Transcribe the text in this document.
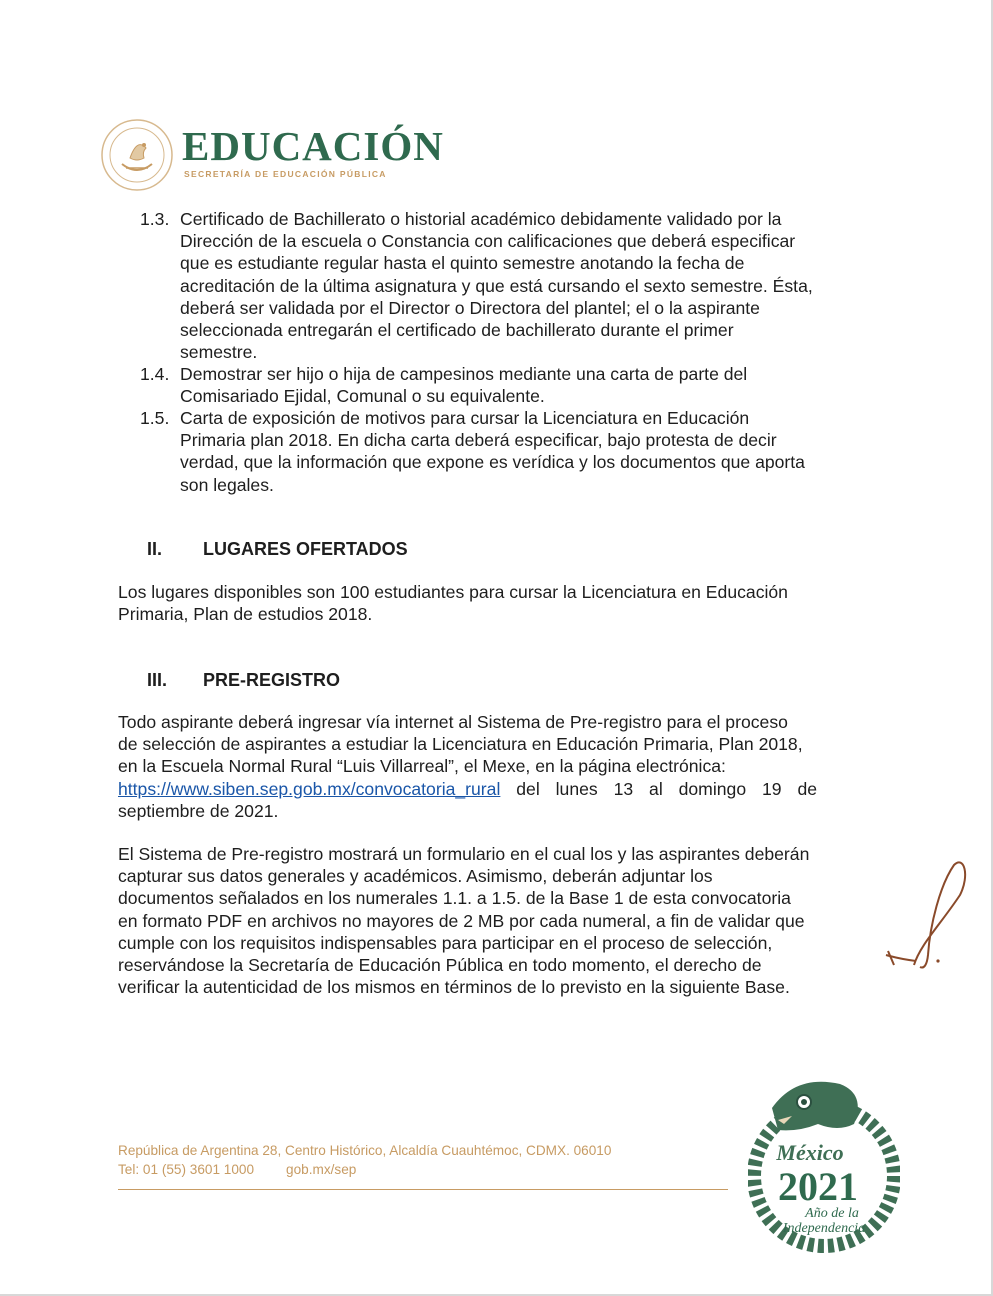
EDUCACIÓN
SECRETARÍA DE EDUCACIÓN PÚBLICA
1.3. Certificado de Bachillerato o historial académico debidamente validado por la
Dirección de la escuela o Constancia con calificaciones que deberá especificar
que es estudiante regular hasta el quinto semestre anotando la fecha de
acreditación de la última asignatura y que está cursando el sexto semestre. Ésta,
deberá ser validada por el Director o Directora del plantel; el o la aspirante
seleccionada entregarán el certificado de bachillerato durante el primer
semestre.
1.4. Demostrar ser hijo o hija de campesinos mediante una carta de parte del
Comisariado Ejidal, Comunal o su equivalente.
1.5. Carta de exposición de motivos para cursar la Licenciatura en Educación
Primaria plan 2018. En dicha carta deberá especificar, bajo protesta de decir
verdad, que la información que expone es verídica y los documentos que aporta
son legales.
II. LUGARES OFERTADOS
Los lugares disponibles son 100 estudiantes para cursar la Licenciatura en Educación
Primaria, Plan de estudios 2018.
III. PRE-REGISTRO
Todo aspirante deberá ingresar vía internet al Sistema de Pre-registro para el proceso
de selección de aspirantes a estudiar la Licenciatura en Educación Primaria, Plan 2018,
en la Escuela Normal Rural “Luis Villarreal”, el Mexe, en la página electrónica:
https://www.siben.sep.gob.mx/convocatoria_rural del lunes 13 al domingo 19 de
septiembre de 2021.
El Sistema de Pre-registro mostrará un formulario en el cual los y las aspirantes deberán
capturar sus datos generales y académicos. Asimismo, deberán adjuntar los
documentos señalados en los numerales 1.1. a 1.5. de la Base 1 de esta convocatoria
en formato PDF en archivos no mayores de 2 MB por cada numeral, a fin de validar que
cumple con los requisitos indispensables para participar en el proceso de selección,
reservándose la Secretaría de Educación Pública en todo momento, el derecho de
verificar la autenticidad de los mismos en términos de lo previsto en la siguiente Base.
República de Argentina 28, Centro Histórico, Alcaldía Cuauhtémoc, CDMX. 06010
Tel: 01 (55) 3601 1000 gob.mx/sep
México
2021
Año de la
Independencia
